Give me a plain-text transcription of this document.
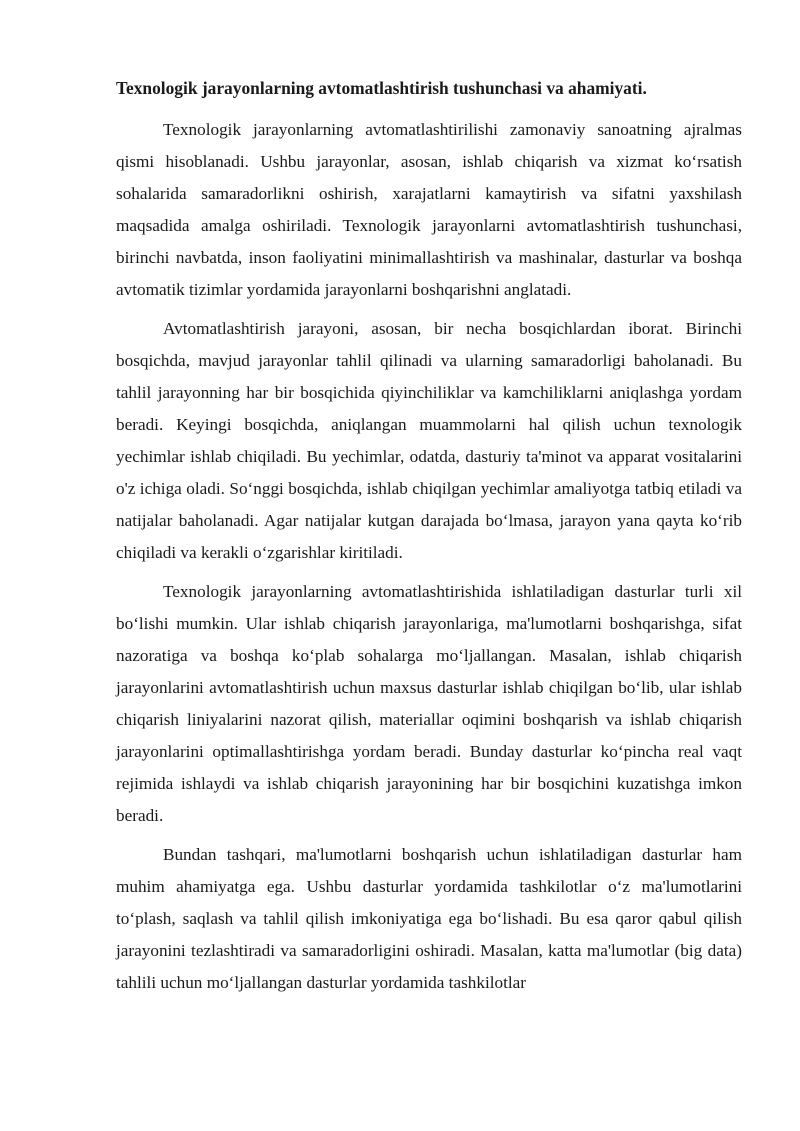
Texnologik jarayonlarning avtomatlashtirish tushunchasi va ahamiyati.

Texnologik jarayonlarning avtomatlashtirilishi zamonaviy sanoatning ajralmas qismi hisoblanadi. Ushbu jarayonlar, asosan, ishlab chiqarish va xizmat ko‘rsatish sohalarida samaradorlikni oshirish, xarajatlarni kamaytirish va sifatni yaxshilash maqsadida amalga oshiriladi. Texnologik jarayonlarni avtomatlashtirish tushunchasi, birinchi navbatda, inson faoliyatini minimallashtirish va mashinalar, dasturlar va boshqa avtomatik tizimlar yordamida jarayonlarni boshqarishni anglatadi.

Avtomatlashtirish jarayoni, asosan, bir necha bosqichlardan iborat. Birinchi bosqichda, mavjud jarayonlar tahlil qilinadi va ularning samaradorligi baholanadi. Bu tahlil jarayonning har bir bosqichida qiyinchiliklar va kamchiliklarni aniqlashga yordam beradi. Keyingi bosqichda, aniqlangan muammolarni hal qilish uchun texnologik yechimlar ishlab chiqiladi. Bu yechimlar, odatda, dasturiy ta'minot va apparat vositalarini o'z ichiga oladi. So‘nggi bosqichda, ishlab chiqilgan yechimlar amaliyotga tatbiq etiladi va natijalar baholanadi. Agar natijalar kutgan darajada bo‘lmasa, jarayon yana qayta ko‘rib chiqiladi va kerakli o‘zgarishlar kiritiladi.

Texnologik jarayonlarning avtomatlashtirishida ishlatiladigan dasturlar turli xil bo‘lishi mumkin. Ular ishlab chiqarish jarayonlariga, ma'lumotlarni boshqarishga, sifat nazoratiga va boshqa ko‘plab sohalarga mo‘ljallangan. Masalan, ishlab chiqarish jarayonlarini avtomatlashtirish uchun maxsus dasturlar ishlab chiqilgan bo‘lib, ular ishlab chiqarish liniyalarini nazorat qilish, materiallar oqimini boshqarish va ishlab chiqarish jarayonlarini optimallashtirishga yordam beradi. Bunday dasturlar ko‘pincha real vaqt rejimida ishlaydi va ishlab chiqarish jarayonining har bir bosqichini kuzatishga imkon beradi.

Bundan tashqari, ma'lumotlarni boshqarish uchun ishlatiladigan dasturlar ham muhim ahamiyatga ega. Ushbu dasturlar yordamida tashkilotlar o‘z ma'lumotlarini to‘plash, saqlash va tahlil qilish imkoniyatiga ega bo‘lishadi. Bu esa qaror qabul qilish jarayonini tezlashtiradi va samaradorligini oshiradi. Masalan, katta ma'lumotlar (big data) tahlili uchun mo‘ljallangan dasturlar yordamida tashkilotlar
